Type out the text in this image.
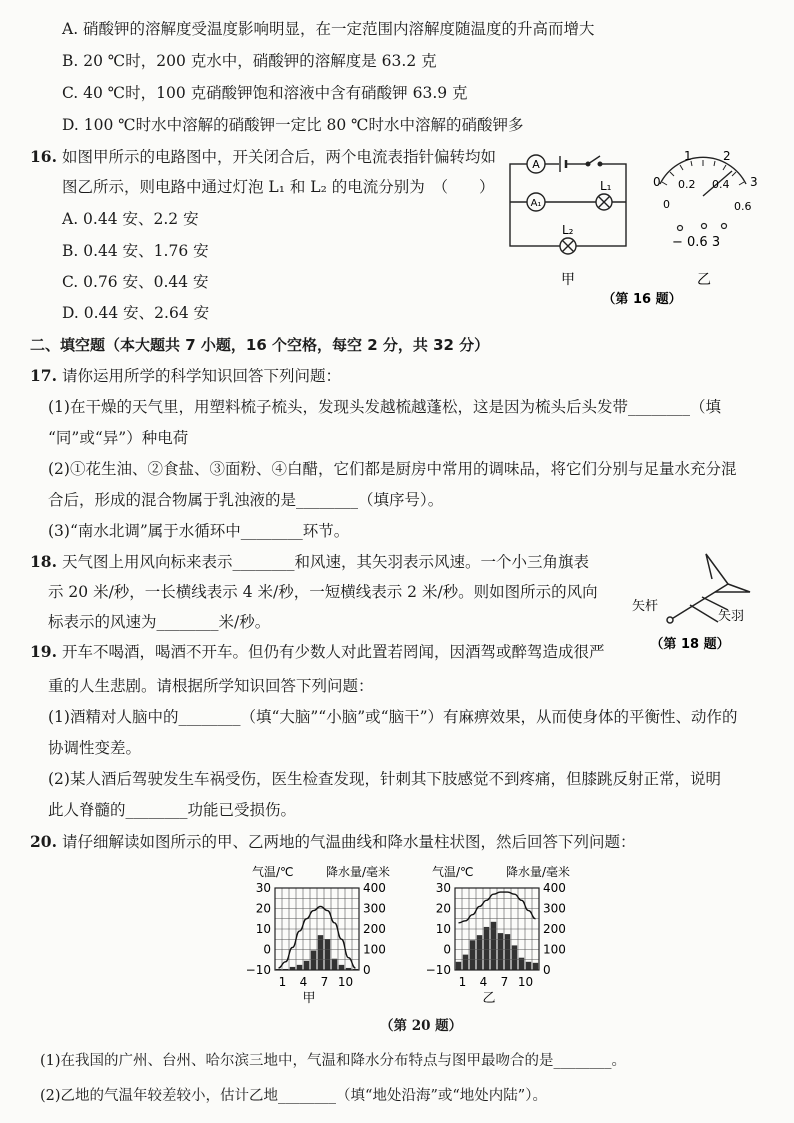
A. 硝酸钾的溶解度受温度影响明显，在一定范围内溶解度随温度的升高而增大
B. 20 ℃时，200 克水中，硝酸钾的溶解度是 63.2 克
C. 40 ℃时，100 克硝酸钾饱和溶液中含有硝酸钾 63.9 克
D. 100 ℃时水中溶解的硝酸钾一定比 80 ℃时水中溶解的硝酸钾多
16. 如图甲所示的电路图中，开关闭合后，两个电流表指针偏转均如
图乙所示，则电路中通过灯泡 L₁ 和 L₂ 的电流分别为　（　　）
A. 0.44 安、2.2 安
B. 0.44 安、1.76 安
C. 0.76 安、0.44 安
D. 0.44 安、2.64 安
A
A₁
L₁
L₂
甲
0
1	2
3
0
0.2 0.4
0.6
− 0.6 3
乙
（第 16 题）
二、填空题（本大题共 7 小题，16 个空格，每空 2 分，共 32 分）
17. 请你运用所学的科学知识回答下列问题：
(1)在干燥的天气里，用塑料梳子梳头，发现头发越梳越蓬松，这是因为梳头后头发带________（填
“同”或“异”）种电荷
(2)①花生油、②食盐、③面粉、④白醋，它们都是厨房中常用的调味品，将它们分别与足量水充分混
合后，形成的混合物属于乳浊液的是________（填序号）。
(3)“南水北调”属于水循环中________环节。
18. 天气图上用风向标来表示________和风速，其矢羽表示风速。一个小三角旗表
示 20 米/秒，一长横线表示 4 米/秒，一短横线表示 2 米/秒。则如图所示的风向
标表示的风速为________米/秒。
矢杆
矢羽
（第 18 题）
19. 开车不喝酒，喝酒不开车。但仍有少数人对此置若罔闻，因酒驾或醉驾造成很严
重的人生悲剧。请根据所学知识回答下列问题：
(1)酒精对人脑中的________（填“大脑”“小脑”或“脑干”）有麻痹效果，从而使身体的平衡性、动作的
协调性变差。
(2)某人酒后驾驶发生车祸受伤，医生检查发现，针刺其下肢感觉不到疼痛，但膝跳反射正常，说明
此人脊髓的________功能已受损伤。
20. 请仔细解读如图所示的甲、乙两地的气温曲线和降水量柱状图，然后回答下列问题：
气温/℃	降水量/毫米
30
20
10
0
−10
400
300
200
100
0
1 4 7 10
甲
气温/℃	降水量/毫米
30
20
10
0
−10
400
300
200
100
0
1 4 7 10
乙
（第 20 题）
(1)在我国的广州、台州、哈尔滨三地中，气温和降水分布特点与图甲最吻合的是________。
(2)乙地的气温年较差较小，估计乙地________（填“地处沿海”或“地处内陆”）。
